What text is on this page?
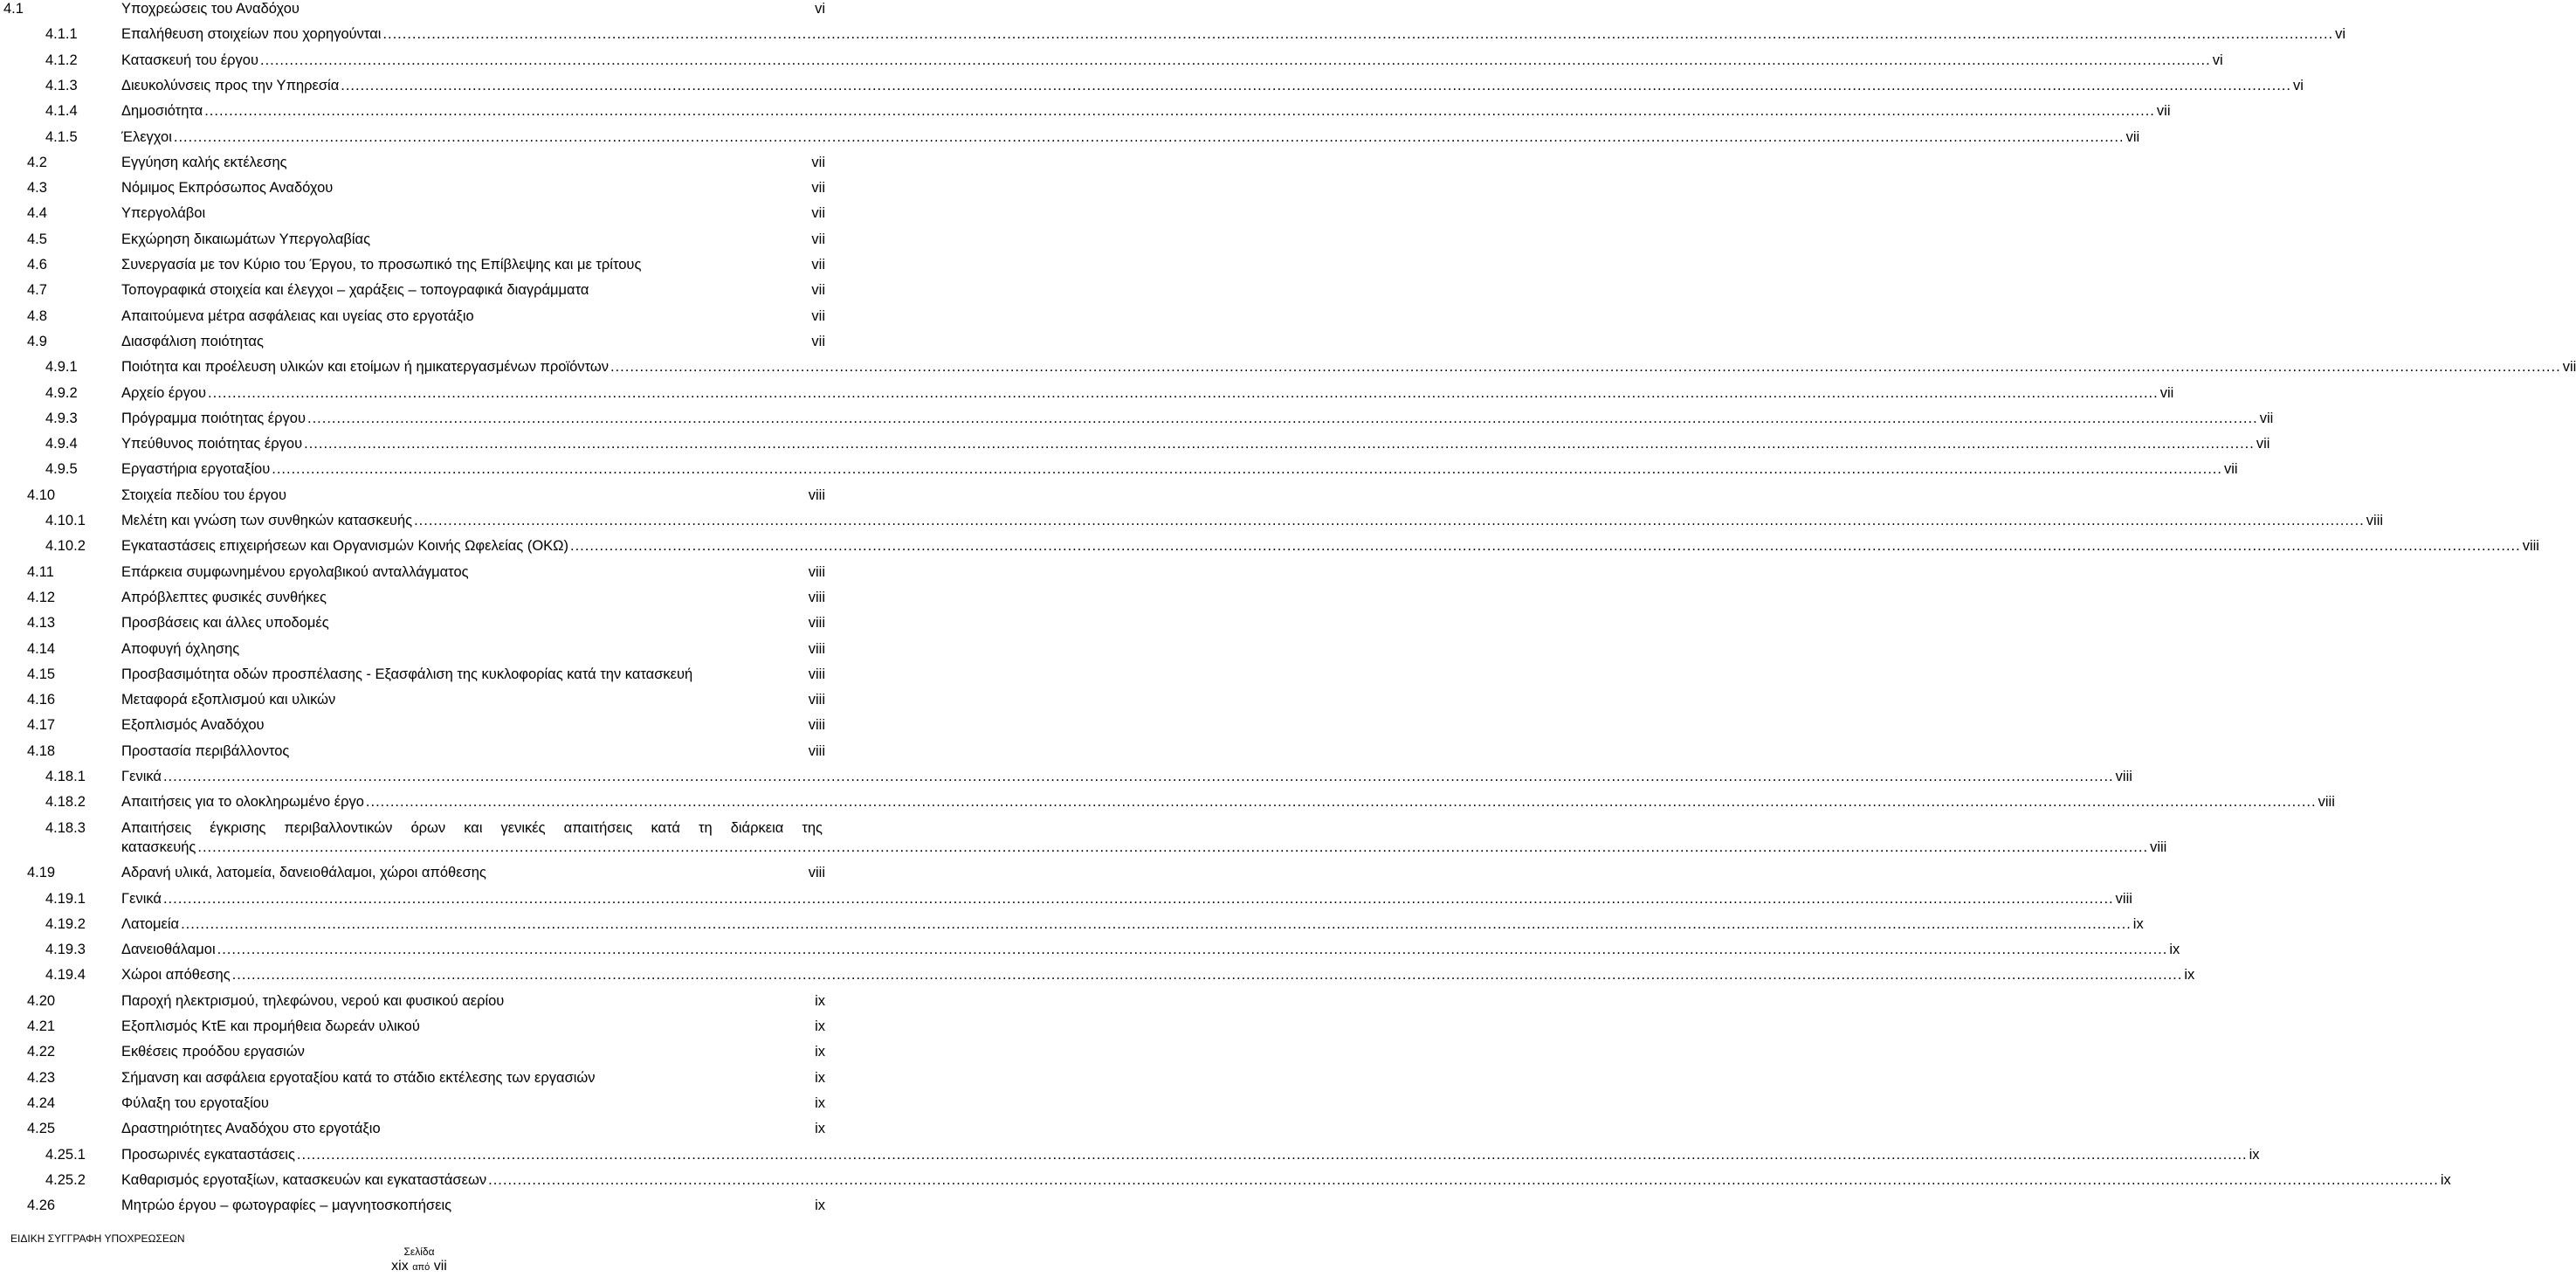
4.1	Υποχρεώσεις του Αναδόχου	vi
4.1.1	Επαλήθευση στοιχείων που χορηγούνται ................................................................................................................................................................................................................................................................................................................................................................................................................ vi
4.1.2	Κατασκευή του έργου ................................................................................................................................................................................................................................................................................................................................................................................................................ vi
4.1.3	Διευκολύνσεις προς την Υπηρεσία ................................................................................................................................................................................................................................................................................................................................................................................................................ vi
4.1.4	Δημοσιότητα ................................................................................................................................................................................................................................................................................................................................................................................................................ vii
4.1.5	Έλεγχοι ................................................................................................................................................................................................................................................................................................................................................................................................................ vii
4.2	Εγγύηση καλής εκτέλεσης	vii
4.3	Νόμιμος Εκπρόσωπος Αναδόχου	vii
4.4	Υπεργολάβοι	vii
4.5	Εκχώρηση δικαιωμάτων Υπεργολαβίας	vii
4.6	Συνεργασία με τον Κύριο του Έργου, το προσωπικό της Επίβλεψης και με τρίτους	vii
4.7	Τοπογραφικά στοιχεία και έλεγχοι – χαράξεις – τοπογραφικά διαγράμματα	vii
4.8	Απαιτούμενα μέτρα ασφάλειας και υγείας στο εργοτάξιο	vii
4.9	Διασφάλιση ποιότητας	vii
4.9.1	Ποιότητα και προέλευση υλικών και ετοίμων ή ημικατεργασμένων προϊόντων ................................................................................................................................................................................................................................................................................................................................................................................................................ vii
4.9.2	Αρχείο έργου ................................................................................................................................................................................................................................................................................................................................................................................................................ vii
4.9.3	Πρόγραμμα ποιότητας έργου ................................................................................................................................................................................................................................................................................................................................................................................................................ vii
4.9.4	Υπεύθυνος ποιότητας έργου ................................................................................................................................................................................................................................................................................................................................................................................................................ vii
4.9.5	Εργαστήρια εργοταξίου ................................................................................................................................................................................................................................................................................................................................................................................................................ vii
4.10	Στοιχεία πεδίου του έργου	viii
4.10.1 Μελέτη και γνώση των συνθηκών κατασκευής ................................................................................................................................................................................................................................................................................................................................................................................................................ viii
4.10.2 Εγκαταστάσεις επιχειρήσεων και Οργανισμών Κοινής Ωφελείας (ΟΚΩ) ................................................................................................................................................................................................................................................................................................................................................................................................................ viii
4.11	Επάρκεια συμφωνημένου εργολαβικού ανταλλάγματος	viii
4.12	Απρόβλεπτες φυσικές συνθήκες	viii
4.13	Προσβάσεις και άλλες υποδομές	viii
4.14	Αποφυγή όχλησης	viii
4.15	Προσβασιμότητα οδών προσπέλασης - Εξασφάλιση της κυκλοφορίας κατά την κατασκευή	viii
4.16	Μεταφορά εξοπλισμού και υλικών	viii
4.17	Εξοπλισμός Αναδόχου	viii
4.18	Προστασία περιβάλλοντος	viii
4.18.1 Γενικά ................................................................................................................................................................................................................................................................................................................................................................................................................ viii
4.18.2 Απαιτήσεις για το ολοκληρωμένο έργο ................................................................................................................................................................................................................................................................................................................................................................................................................ viii
4.18.3 Απαιτήσεις έγκρισης περιβαλλοντικών όρων και γενικές απαιτήσεις κατά τη διάρκεια της
κατασκευής ................................................................................................................................................................................................................................................................................................................................................................................................................ viii
4.19	Αδρανή υλικά, λατομεία, δανειοθάλαμοι, χώροι απόθεσης	viii
4.19.1 Γενικά ................................................................................................................................................................................................................................................................................................................................................................................................................ viii
4.19.2 Λατομεία ................................................................................................................................................................................................................................................................................................................................................................................................................ ix
4.19.3 Δανειοθάλαμοι ................................................................................................................................................................................................................................................................................................................................................................................................................ ix
4.19.4 Χώροι απόθεσης ................................................................................................................................................................................................................................................................................................................................................................................................................ ix
4.20	Παροχή ηλεκτρισμού, τηλεφώνου, νερού και φυσικού αερίου	ix
4.21	Εξοπλισμός ΚτΕ και προμήθεια δωρεάν υλικού	ix
4.22	Εκθέσεις προόδου εργασιών	ix
4.23	Σήμανση και ασφάλεια εργοταξίου κατά το στάδιο εκτέλεσης των εργασιών	ix
4.24	Φύλαξη του εργοταξίου	ix
4.25	Δραστηριότητες Αναδόχου στο εργοτάξιο	ix
4.25.1 Προσωρινές εγκαταστάσεις ................................................................................................................................................................................................................................................................................................................................................................................................................ ix
4.25.2 Καθαρισμός εργοταξίων, κατασκευών και εγκαταστάσεων ................................................................................................................................................................................................................................................................................................................................................................................................................ ix
4.26	Μητρώο έργου – φωτογραφίες – μαγνητοσκοπήσεις	ix
ΕΙΔΙΚΗ ΣΥΓΓΡΑΦΗ ΥΠΟΧΡΕΩΣΕΩΝ
Σελίδα
xix από vii
